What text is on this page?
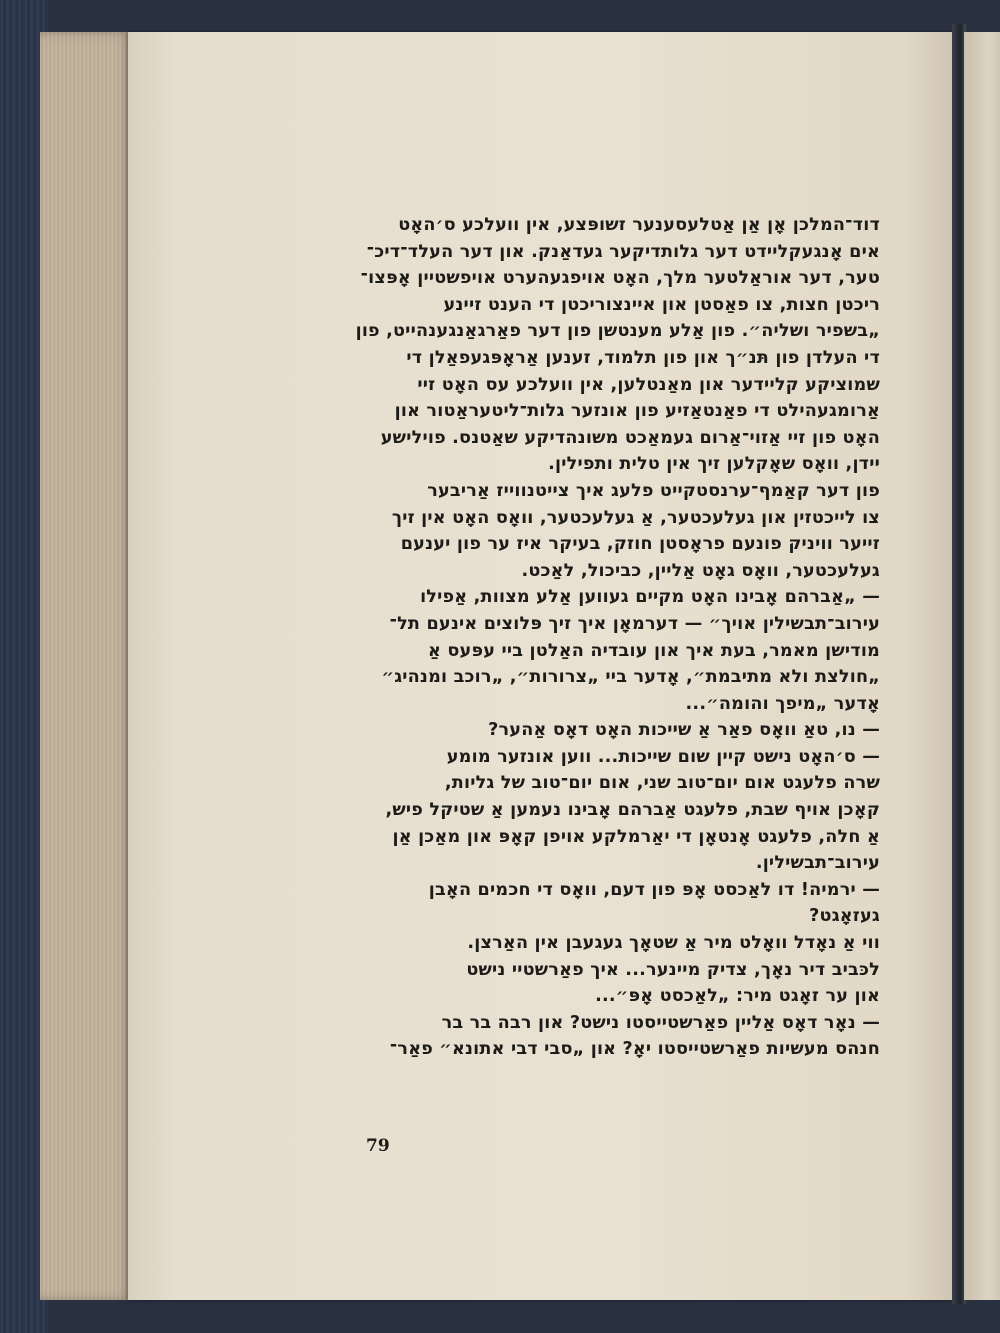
דוד־המלכן אָן אַן אַטלעסענער זשופּצע, אין וועלכע ס׳האָט
אים אָנגעקליידט דער גלותדיקער געדאַנק. און דער העלד־דיכ־
טער, דער אוראַלטער מלך, האָט אויפגעהערט אויפשטיין אָפּצו־
ריכטן חצות, צו פאַסטן און איינצוריכטן די הענט זיינע
„בשפיר ושליה״. פון אַלע מענטשן פון דער פאַרגאַנגענהייט, פון
די העלדן פון תּנ״ך און פון תלמוד, זענען אַראָפּגעפאַלן די
שמוציקע קליידער און מאַנטלען, אין וועלכע עס האָט זיי
אַרומגעהילט די פאַנטאַזיע פון אונזער גלות־ליטעראַטור און
האָט פון זיי אַזוי־אַרום געמאַכט משונהדיקע שאַטנס. פוילישע
יידן, וואָס שאָקלען זיך אין טלית ותפילין.
פון דער קאַמף־ערנסטקייט פלעג איך צייטנווייז אַריבער
צו לייכטזין און געלעכטער, אַ געלעכטער, וואָס האָט אין זיך
זייער וויניק פונעם פראָסטן חוזק, בעיקר איז ער פון יענעם
געלעכטער, וואָס גאָט אַליין, כביכול, לאַכט.
— „אַברהם אָבינו האָט מקיים געווען אַלע מצוות, אַפילו
עירוב־תבשילין אויך״ — דערמאָן איך זיך פּלוצים אינעם תל־
מודישן מאמר, בעת איך און עובדיה האַלטן ביי עפּעס אַ
„חולצת ולא מתיבמת״, אָדער ביי „צרורות״, „רוכב ומנהיג״
אָדער „מיפך והומה״...
— נו, טאַ וואָס פאַר אַ שייכות האָט דאָס אַהער?
— ס׳האָט נישט קיין שום שייכות... ווען אונזער מומע
שרה פלעגט אום יום־טוב שני, אום יום־טוב של גליות,
קאָכן אויף שבת, פלעגט אַברהם אָבינו נעמען אַ שטיקל פיש,
אַ חלה, פלעגט אָנטאָן די יאַרמלקע אויפן קאָפּ און מאַכן אַן
עירוב־תבשילין.
— ירמיה! דו לאַכסט אָפּ פון דעם, וואָס די חכמים האָבן
געזאָגט?
ווי אַ נאָדל וואָלט מיר אַ שטאָך געגעבן אין האַרצן.
לכּביב דיר נאָך, צדיק מיינער... איך פאַרשטיי נישט
און ער זאָגט מיר: „לאַכסט אָפּ״...
— נאָר דאָס אַליין פאַרשטייסטו נישט? און רבה בר בר
חנהס מעשיות פאַרשטייסטו יאָ? און „סבי דבי אתונא״ פאַר־
79
